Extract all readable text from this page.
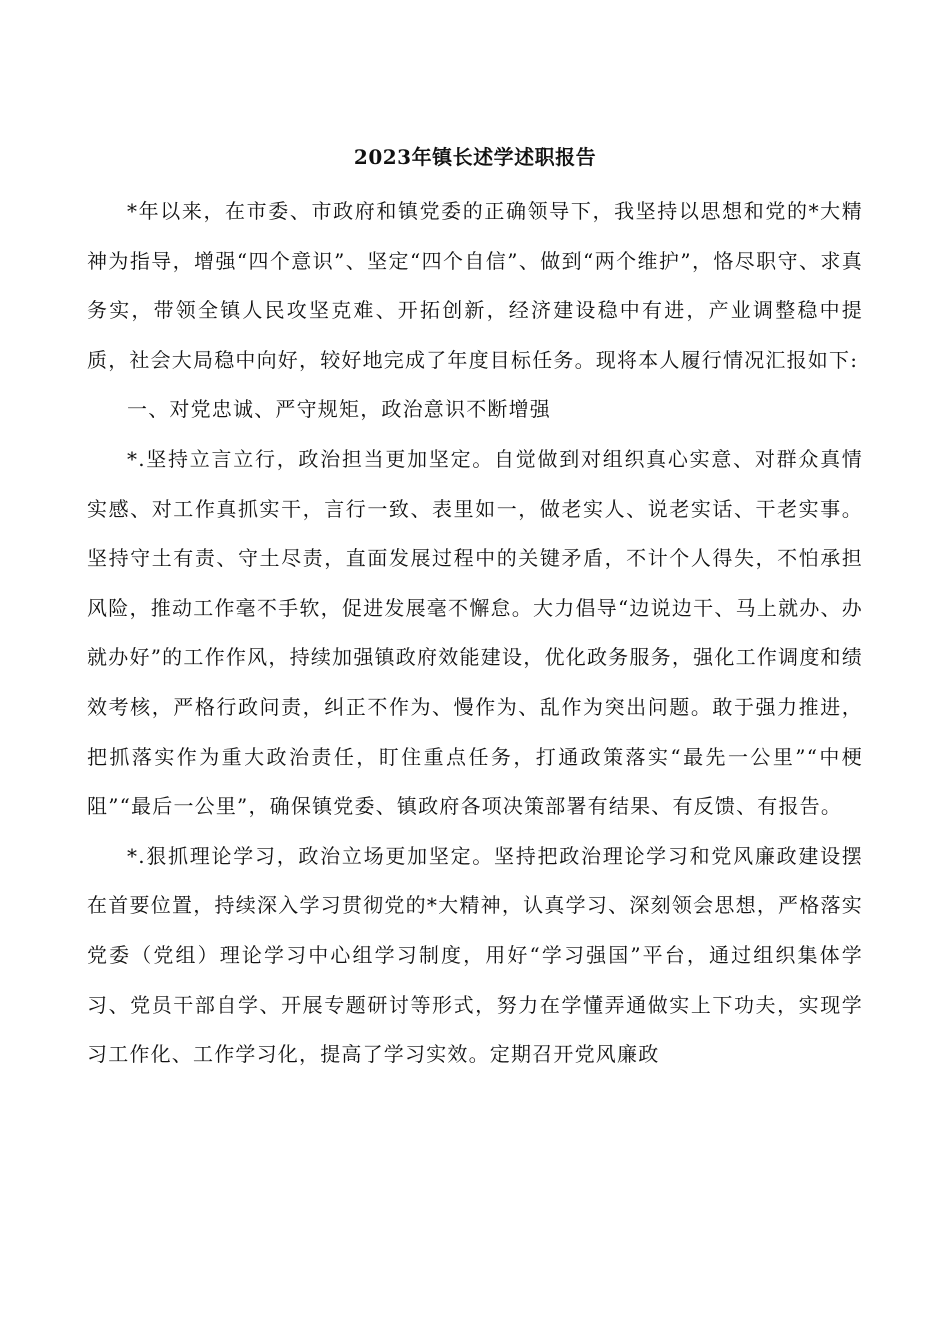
2023年镇长述学述职报告

*年以来，在市委、市政府和镇党委的正确领导下，我坚持以思想和党的*大精神为指导，增强“四个意识”、坚定“四个自信”、做到“两个维护”，恪尽职守、求真务实，带领全镇人民攻坚克难、开拓创新，经济建设稳中有进，产业调整稳中提质，社会大局稳中向好，较好地完成了年度目标任务。现将本人履行情况汇报如下:

一、对党忠诚、严守规矩，政治意识不断增强

*.坚持立言立行，政治担当更加坚定。自觉做到对组织真心实意、对群众真情实感、对工作真抓实干，言行一致、表里如一，做老实人、说老实话、干老实事。坚持守土有责、守土尽责，直面发展过程中的关键矛盾，不计个人得失，不怕承担风险，推动工作毫不手软，促进发展毫不懈怠。大力倡导“边说边干、马上就办、办就办好”的工作作风，持续加强镇政府效能建设，优化政务服务，强化工作调度和绩效考核，严格行政问责，纠正不作为、慢作为、乱作为突出问题。敢于强力推进，把抓落实作为重大政治责任，盯住重点任务，打通政策落实“最先一公里”“中梗阻”“最后一公里”，确保镇党委、镇政府各项决策部署有结果、有反馈、有报告。

*.狠抓理论学习，政治立场更加坚定。坚持把政治理论学习和党风廉政建设摆在首要位置，持续深入学习贯彻党的*大精神，认真学习、深刻领会思想，严格落实党委（党组）理论学习中心组学习制度，用好“学习强国”平台，通过组织集体学习、党员干部自学、开展专题研讨等形式，努力在学懂弄通做实上下功夫，实现学习工作化、工作学习化，提高了学习实效。定期召开党风廉政
